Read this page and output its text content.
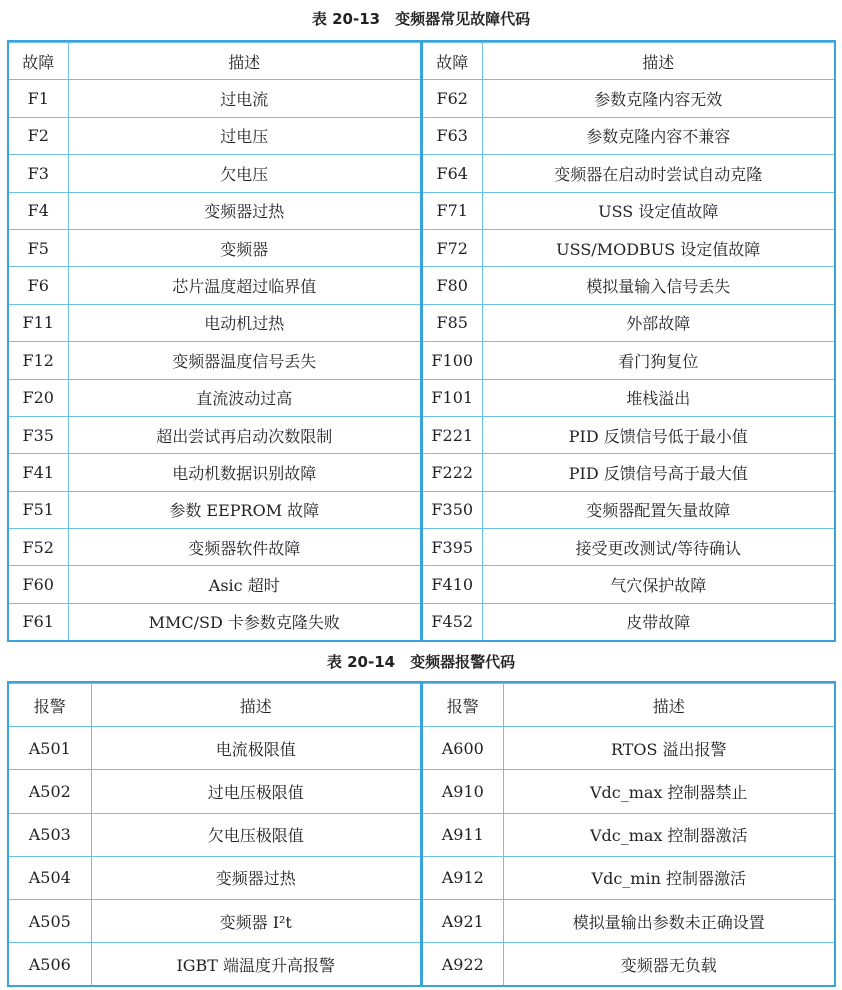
表 20-13　变频器常见故障代码
故障	描述
F1	过电流
F2	过电压
F3	欠电压
F4	变频器过热
F5	变频器
F6	芯片温度超过临界值
F11	电动机过热
F12	变频器温度信号丢失
F20	直流波动过高
F35	超出尝试再启动次数限制
F41	电动机数据识别故障
F51	参数 EEPROM 故障
F52	变频器软件故障
F60	Asic 超时
F61	MMC/SD 卡参数克隆失败
故障	描述
F62	参数克隆内容无效
F63	参数克隆内容不兼容
F64	变频器在启动时尝试自动克隆
F71	USS 设定值故障
F72	USS/MODBUS 设定值故障
F80	模拟量输入信号丢失
F85	外部故障
F100	看门狗复位
F101	堆栈溢出
F221	PID 反馈信号低于最小值
F222	PID 反馈信号高于最大值
F350	变频器配置矢量故障
F395	接受更改测试/等待确认
F410	气穴保护故障
F452	皮带故障
表 20-14　变频器报警代码
报警	描述
A501	电流极限值
A502	过电压极限值
A503	欠电压极限值
A504	变频器过热
A505	变频器 I²t
A506	IGBT 端温度升高报警
报警	描述
A600	RTOS 溢出报警
A910	Vdc_max 控制器禁止
A911	Vdc_max 控制器激活
A912	Vdc_min 控制器激活
A921	模拟量输出参数未正确设置
A922	变频器无负载
